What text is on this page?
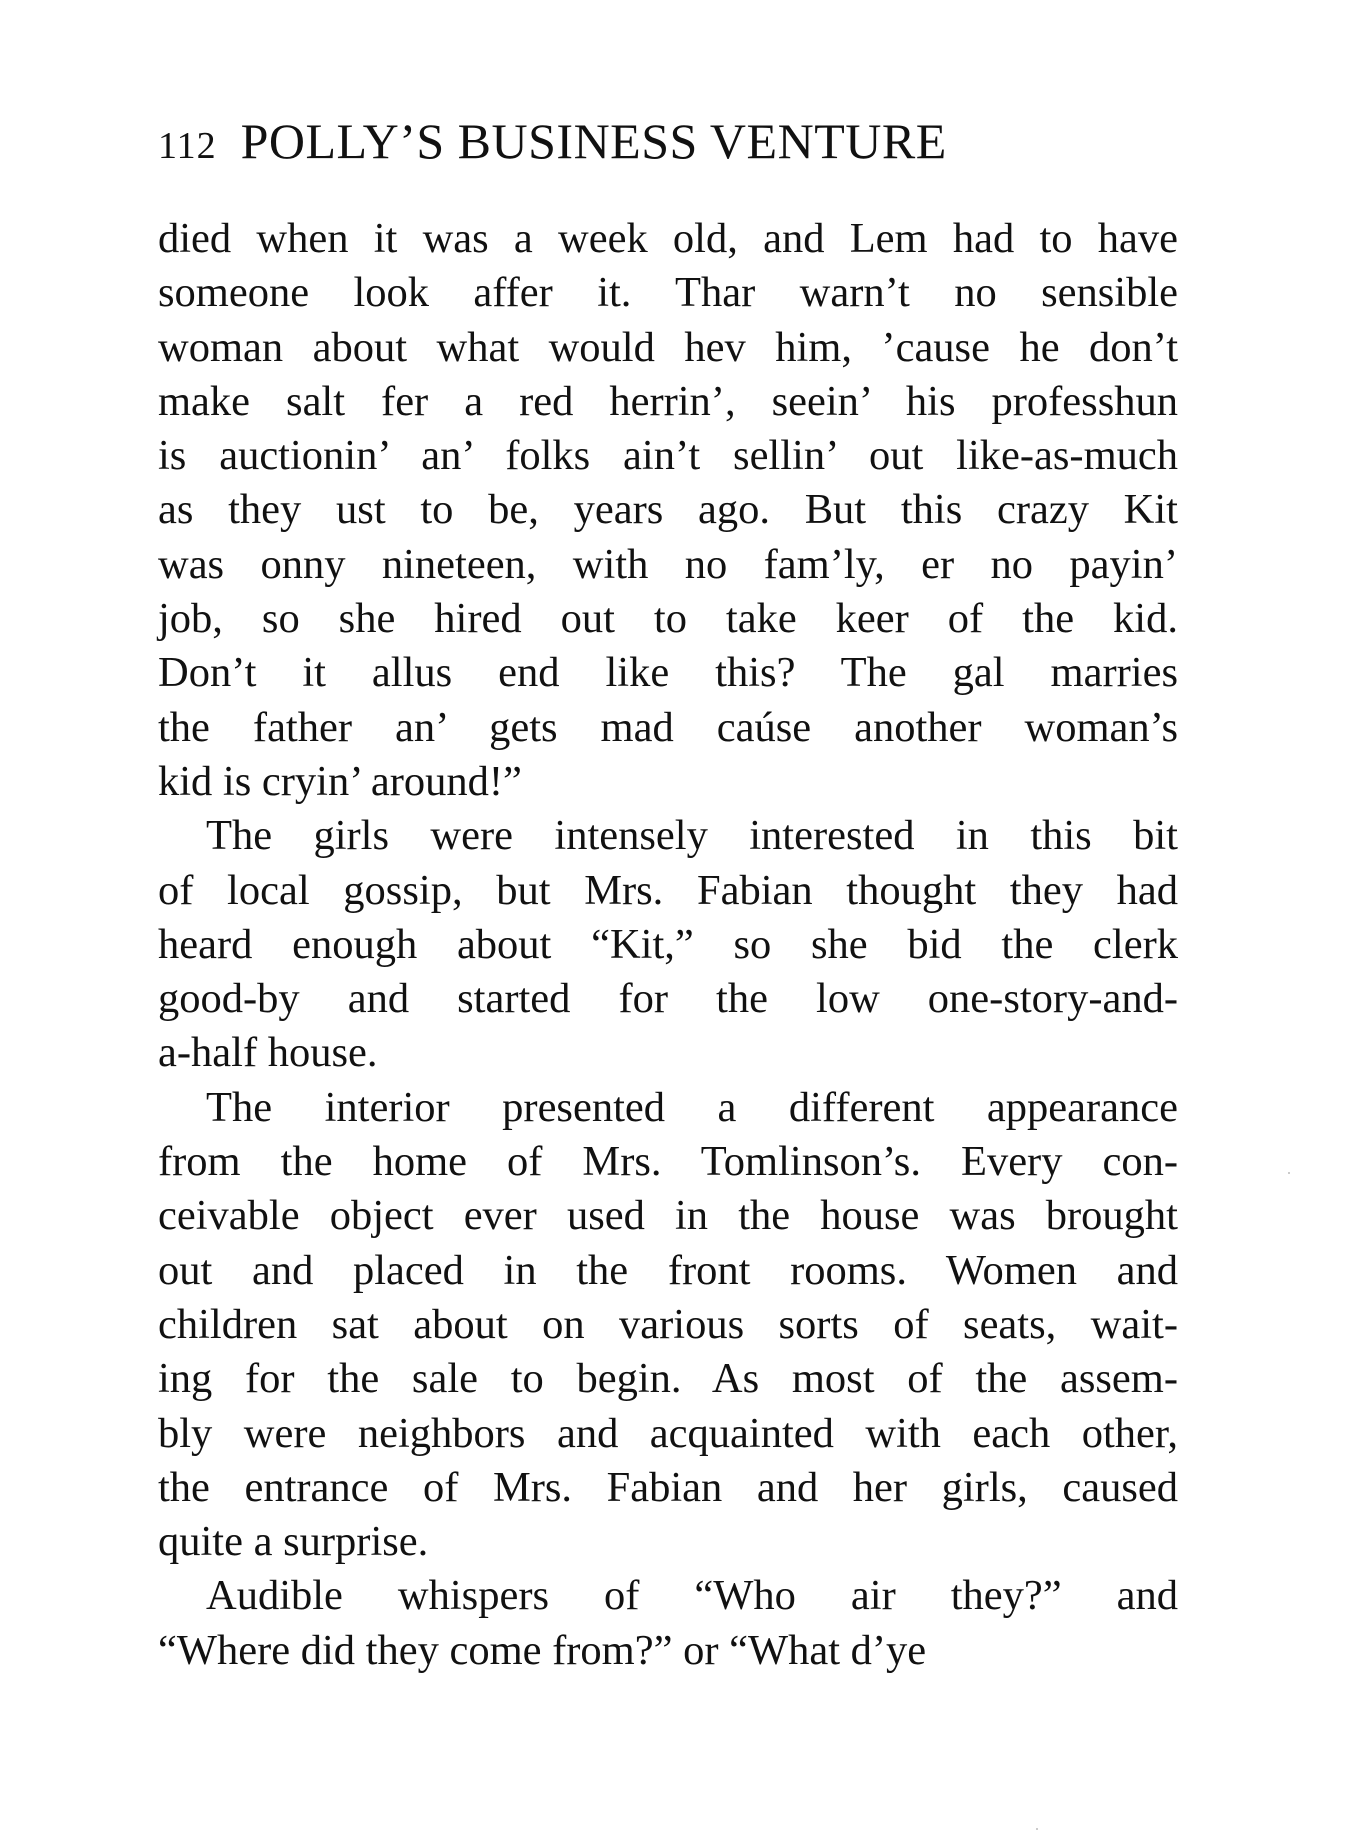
112 POLLY’S BUSINESS VENTURE
died when it was a week old, and Lem had to have
someone look affer it. Thar warn’t no sensible
woman about what would hev him, ’cause he don’t
make salt fer a red herrin’, seein’ his professhun
is auctionin’ an’ folks ain’t sellin’ out like-as-much
as they ust to be, years ago. But this crazy Kit
was onny nineteen, with no fam’ly, er no payin’
job, so she hired out to take keer of the kid.
Don’t it allus end like this? The gal marries
the father an’ gets mad caúse another woman’s
kid is cryin’ around!”
The girls were intensely interested in this bit
of local gossip, but Mrs. Fabian thought they had
heard enough about “Kit,” so she bid the clerk
good-by and started for the low one-story-and-
a-half house.
The interior presented a different appearance
from the home of Mrs. Tomlinson’s. Every con-
ceivable object ever used in the house was brought
out and placed in the front rooms. Women and
children sat about on various sorts of seats, wait-
ing for the sale to begin. As most of the assem-
bly were neighbors and acquainted with each other,
the entrance of Mrs. Fabian and her girls, caused
quite a surprise.
Audible whispers of “Who air they?” and
“Where did they come from?” or “What d’ye
